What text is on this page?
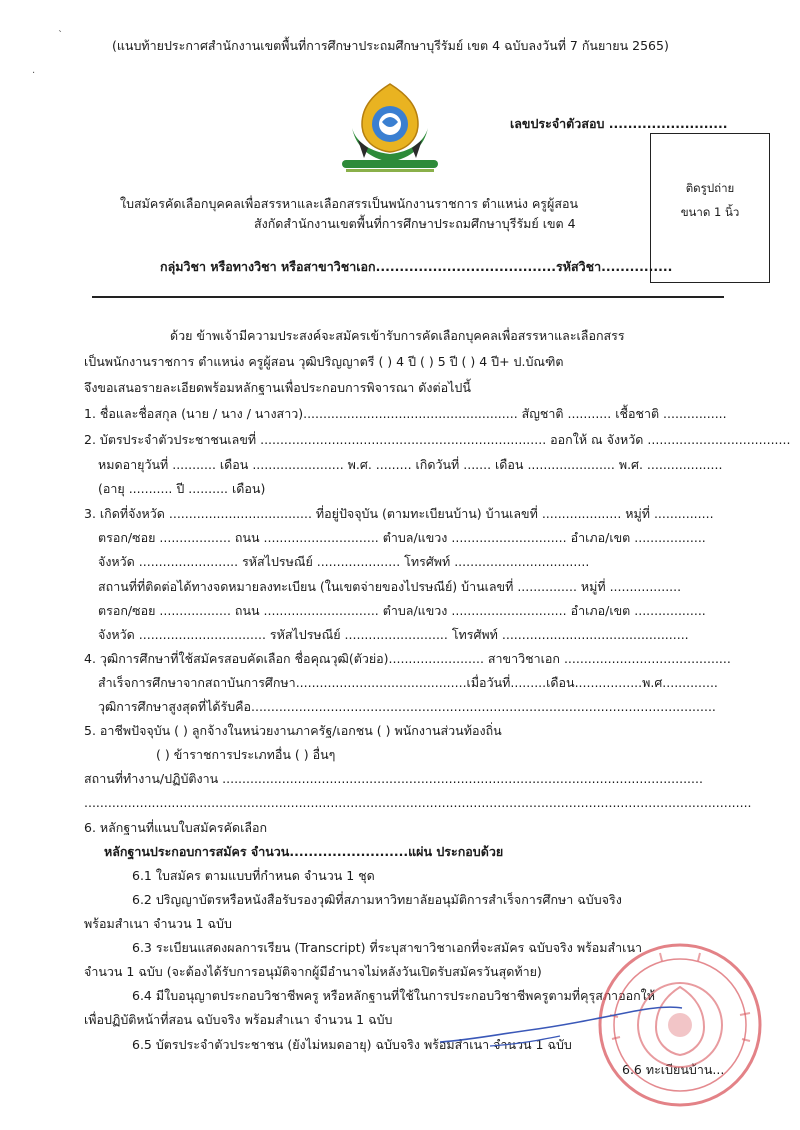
`
·
(แนบท้ายประกาศสำนักงานเขตพื้นที่การศึกษาประถมศึกษาบุรีรัมย์ เขต 4 ฉบับลงวันที่ 7 กันยายน 2565)
เลขประจำตัวสอบ .........................
ติดรูปถ่าย
ขนาด 1 นิ้ว
ใบสมัครคัดเลือกบุคคลเพื่อสรรหาและเลือกสรรเป็นพนักงานราชการ ตำแหน่ง ครูผู้สอน
สังกัดสำนักงานเขตพื้นที่การศึกษาประถมศึกษาบุรีรัมย์ เขต 4
กลุ่มวิชา หรือทางวิชา หรือสาขาวิชาเอก......................................รหัสวิชา...............
ด้วย ข้าพเจ้ามีความประสงค์จะสมัครเข้ารับการคัดเลือกบุคคลเพื่อสรรหาและเลือกสรร
เป็นพนักงานราชการ ตำแหน่ง ครูผู้สอน วุฒิปริญญาตรี ( ) 4 ปี ( ) 5 ปี ( ) 4 ปี+ ป.บัณฑิต
จึงขอเสนอรายละเอียดพร้อมหลักฐานเพื่อประกอบการพิจารณา ดังต่อไปนี้
1. ชื่อและชื่อสกุล (นาย / นาง / นางสาว)...................................................... สัญชาติ ........... เชื้อชาติ ................
2. บัตรประจำตัวประชาชนเลขที่ ........................................................................ ออกให้ ณ จังหวัด ....................................
หมดอายุวันที่ ........... เดือน ....................... พ.ศ. ......... เกิดวันที่ ....... เดือน ...................... พ.ศ. ...................
(อายุ ........... ปี .......... เดือน)
3. เกิดที่จังหวัด .................................... ที่อยู่ปัจจุบัน (ตามทะเบียนบ้าน) บ้านเลขที่ .................... หมู่ที่ ...............
ตรอก/ซอย .................. ถนน ............................. ตำบล/แขวง ............................. อำเภอ/เขต ..................
จังหวัด ......................... รหัสไปรษณีย์ ..................... โทรศัพท์ ..................................
สถานที่ที่ติดต่อได้ทางจดหมายลงทะเบียน (ในเขตจ่ายของไปรษณีย์) บ้านเลขที่ ............... หมู่ที่ ..................
ตรอก/ซอย .................. ถนน ............................. ตำบล/แขวง ............................. อำเภอ/เขต ..................
จังหวัด ................................ รหัสไปรษณีย์ .......................... โทรศัพท์ ...............................................
4. วุฒิการศึกษาที่ใช้สมัครสอบคัดเลือก ชื่อคุณวุฒิ(ตัวย่อ)........................ สาขาวิชาเอก ..........................................
สำเร็จการศึกษาจากสถาบันการศึกษา...........................................เมื่อวันที่.........เดือน.................พ.ศ..............
วุฒิการศึกษาสูงสุดที่ได้รับคือ.....................................................................................................................
5. อาชีพปัจจุบัน ( ) ลูกจ้างในหน่วยงานภาครัฐ/เอกชน ( ) พนักงานส่วนท้องถิ่น
( ) ข้าราชการประเภทอื่น ( ) อื่นๆ
สถานที่ทำงาน/ปฏิบัติงาน .........................................................................................................................
........................................................................................................................................................................
6. หลักฐานที่แนบใบสมัครคัดเลือก
หลักฐานประกอบการสมัคร จำนวน.........................แผ่น ประกอบด้วย
6.1 ใบสมัคร ตามแบบที่กำหนด จำนวน 1 ชุด
6.2 ปริญญาบัตรหรือหนังสือรับรองวุฒิที่สภามหาวิทยาลัยอนุมัติการสำเร็จการศึกษา ฉบับจริง
พร้อมสำเนา จำนวน 1 ฉบับ
6.3 ระเบียนแสดงผลการเรียน (Transcript) ที่ระบุสาขาวิชาเอกที่จะสมัคร ฉบับจริง พร้อมสำเนา
จำนวน 1 ฉบับ (จะต้องได้รับการอนุมัติจากผู้มีอำนาจไม่หลังวันเปิดรับสมัครวันสุดท้าย)
6.4 มีใบอนุญาตประกอบวิชาชีพครู หรือหลักฐานที่ใช้ในการประกอบวิชาชีพครูตามที่คุรุสภาออกให้
เพื่อปฏิบัติหน้าที่สอน ฉบับจริง พร้อมสำเนา จำนวน 1 ฉบับ
6.5 บัตรประจำตัวประชาชน (ยังไม่หมดอายุ) ฉบับจริง พร้อมสำเนา จำนวน 1 ฉบับ
6.6 ทะเบียนบ้าน...
